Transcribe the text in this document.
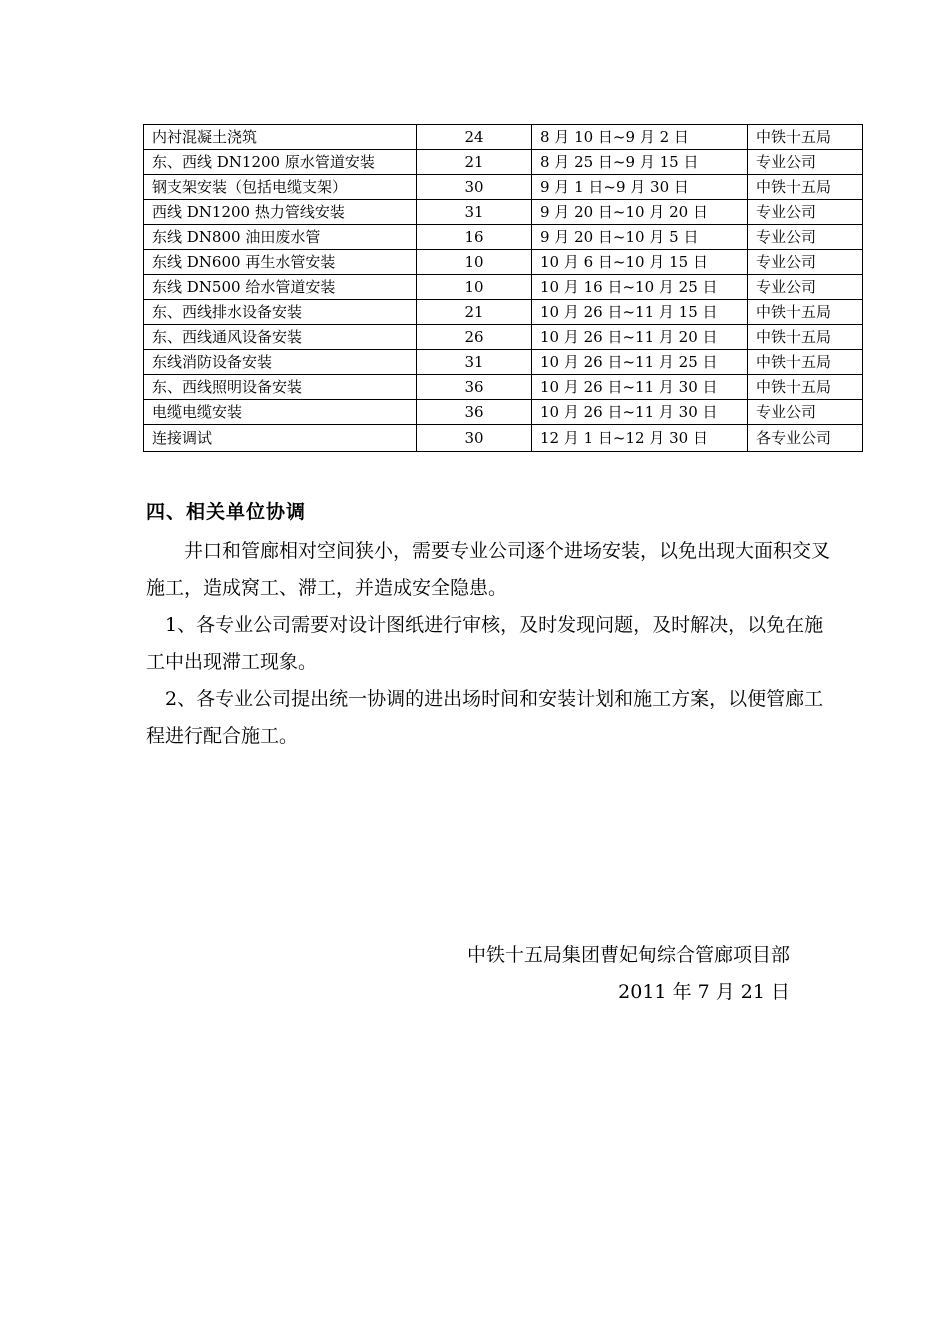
内衬混凝土浇筑	24	8 月 10 日~9 月 2 日	中铁十五局
东、西线 DN1200 原水管道安装	21	8 月 25 日~9 月 15 日	专业公司
钢支架安装（包括电缆支架）	30	9 月 1 日~9 月 30 日	中铁十五局
西线 DN1200 热力管线安装	31	9 月 20 日~10 月 20 日	专业公司
东线 DN800 油田废水管	16	9 月 20 日~10 月 5 日	专业公司
东线 DN600 再生水管安装	10	10 月 6 日~10 月 15 日	专业公司
东线 DN500 给水管道安装	10	10 月 16 日~10 月 25 日	专业公司
东、西线排水设备安装	21	10 月 26 日~11 月 15 日	中铁十五局
东、西线通风设备安装	26	10 月 26 日~11 月 20 日	中铁十五局
东线消防设备安装	31	10 月 26 日~11 月 25 日	中铁十五局
东、西线照明设备安装	36	10 月 26 日~11 月 30 日	中铁十五局
电缆电缆安装	36	10 月 26 日~11 月 30 日	专业公司
连接调试	30	12 月 1 日~12 月 30 日	各专业公司
四、相关单位协调

井口和管廊相对空间狭小，需要专业公司逐个进场安装，以免出现大面积交叉施工，造成窝工、滞工，并造成安全隐患。

1、各专业公司需要对设计图纸进行审核，及时发现问题，及时解决，以免在施工中出现滞工现象。

2、各专业公司提出统一协调的进出场时间和安装计划和施工方案，以便管廊工程进行配合施工。

中铁十五局集团曹妃甸综合管廊项目部

2011 年 7 月 21 日
